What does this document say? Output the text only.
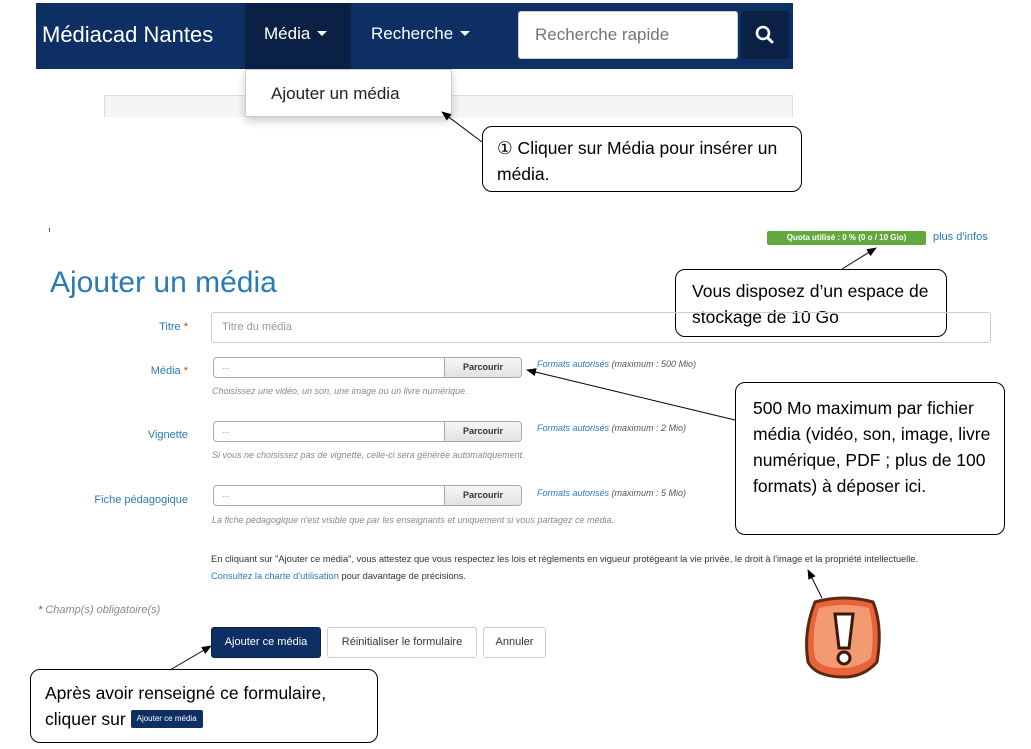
Médiacad Nantes	Média	Recherche
Recherche rapide
Ajouter un média
① Cliquer sur Média pour insérer un média.
Quota utilisé : 0 % (0 o / 10 Gio)	plus d'infos
Vous disposez d’un espace de stockage de 10 Go
Ajouter un média
Titre *	Titre du média
Média *	...	Parcourir	Formats autorisés (maximum : 500 Mio)
Choisissez une vidéo, un son, une image ou un livre numérique.
Vignette	...	Parcourir	Formats autorisés (maximum : 2 Mio)
Si vous ne choisissez pas de vignette, celle-ci sera générée automatiquement.
Fiche pédagogique	...	Parcourir	Formats autorisés (maximum : 5 Mio)
La fiche pédagogique n'est visible que par les enseignants et uniquement si vous partagez ce média.
500 Mo maximum par fichier média (vidéo, son, image, livre numérique, PDF ; plus de 100 formats) à déposer ici.
En cliquant sur "Ajouter ce média", vous attestez que vous respectez les lois et règlements en vigueur protégeant la vie privée, le droit à l'image et la propriété intellectuelle.
Consultez la charte d'utilisation pour davantage de précisions.
* Champ(s) obligatoire(s)
Ajouter ce média	Réinitialiser le formulaire	Annuler
Après avoir renseigné ce formulaire,
cliquer sur Ajouter ce média
